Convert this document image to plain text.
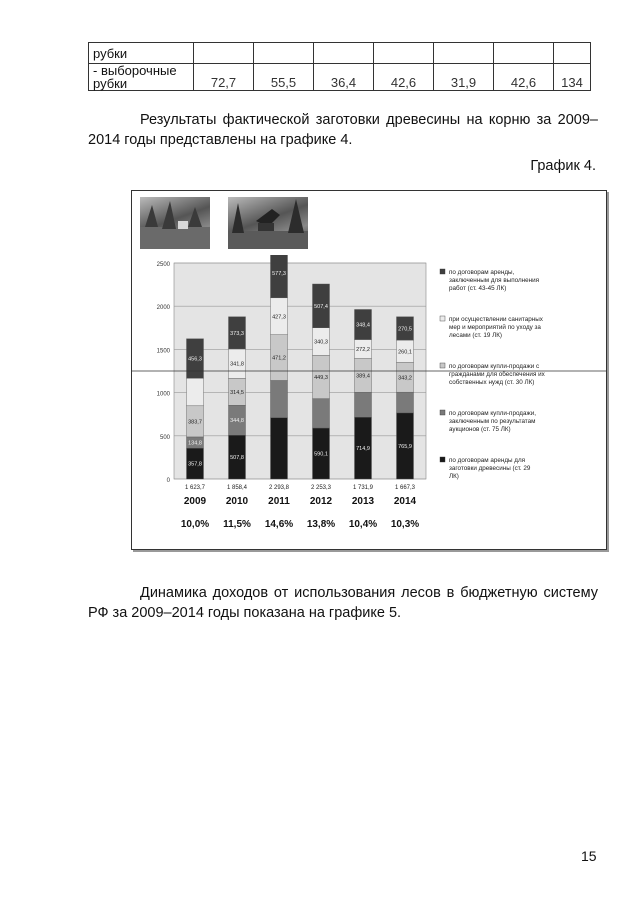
рубки							
- выборочные рубки	72,7	55,5	36,4	42,6	31,9	42,6	134

Результаты фактической заготовки древесины на корню за 2009–2014 годы представлены на графике 4.

График 4.
0
500
1000
1500
2000
2500
357,8
134,8
383,7
456,3
1 623,7
2009
10,0%
507,8
344,8
314,5
341,8
373,3
1 858,4
2010
11,5%
471,2
427,3
577,3
2 293,8
2011
14,6%
590,1
449,3
340,3
507,4
2 253,3
2012
13,8%
714,9
389,4
272,2
348,4
1 731,9
2013
10,4%
765,9
343,2
260,1
270,5
1 667,3
2014
10,3%
по договорам аренды,
заключенным для выполнения
работ (ст. 43-45 ЛК)
при осуществлении санитарных
мер и мероприятий по уходу за
лесами (ст. 19 ЛК)
по договорам купли-продажи с
гражданами для обеспечения их
собственных нужд (ст. 30 ЛК)
по договорам купли-продажи,
заключенным по результатам
аукционов (ст. 75 ЛК)
по договорам аренды для
заготовки древесины (ст. 29
ЛК)

Динамика доходов от использования лесов в бюджетную систему РФ за 2009–2014 годы показана на графике 5.

15
